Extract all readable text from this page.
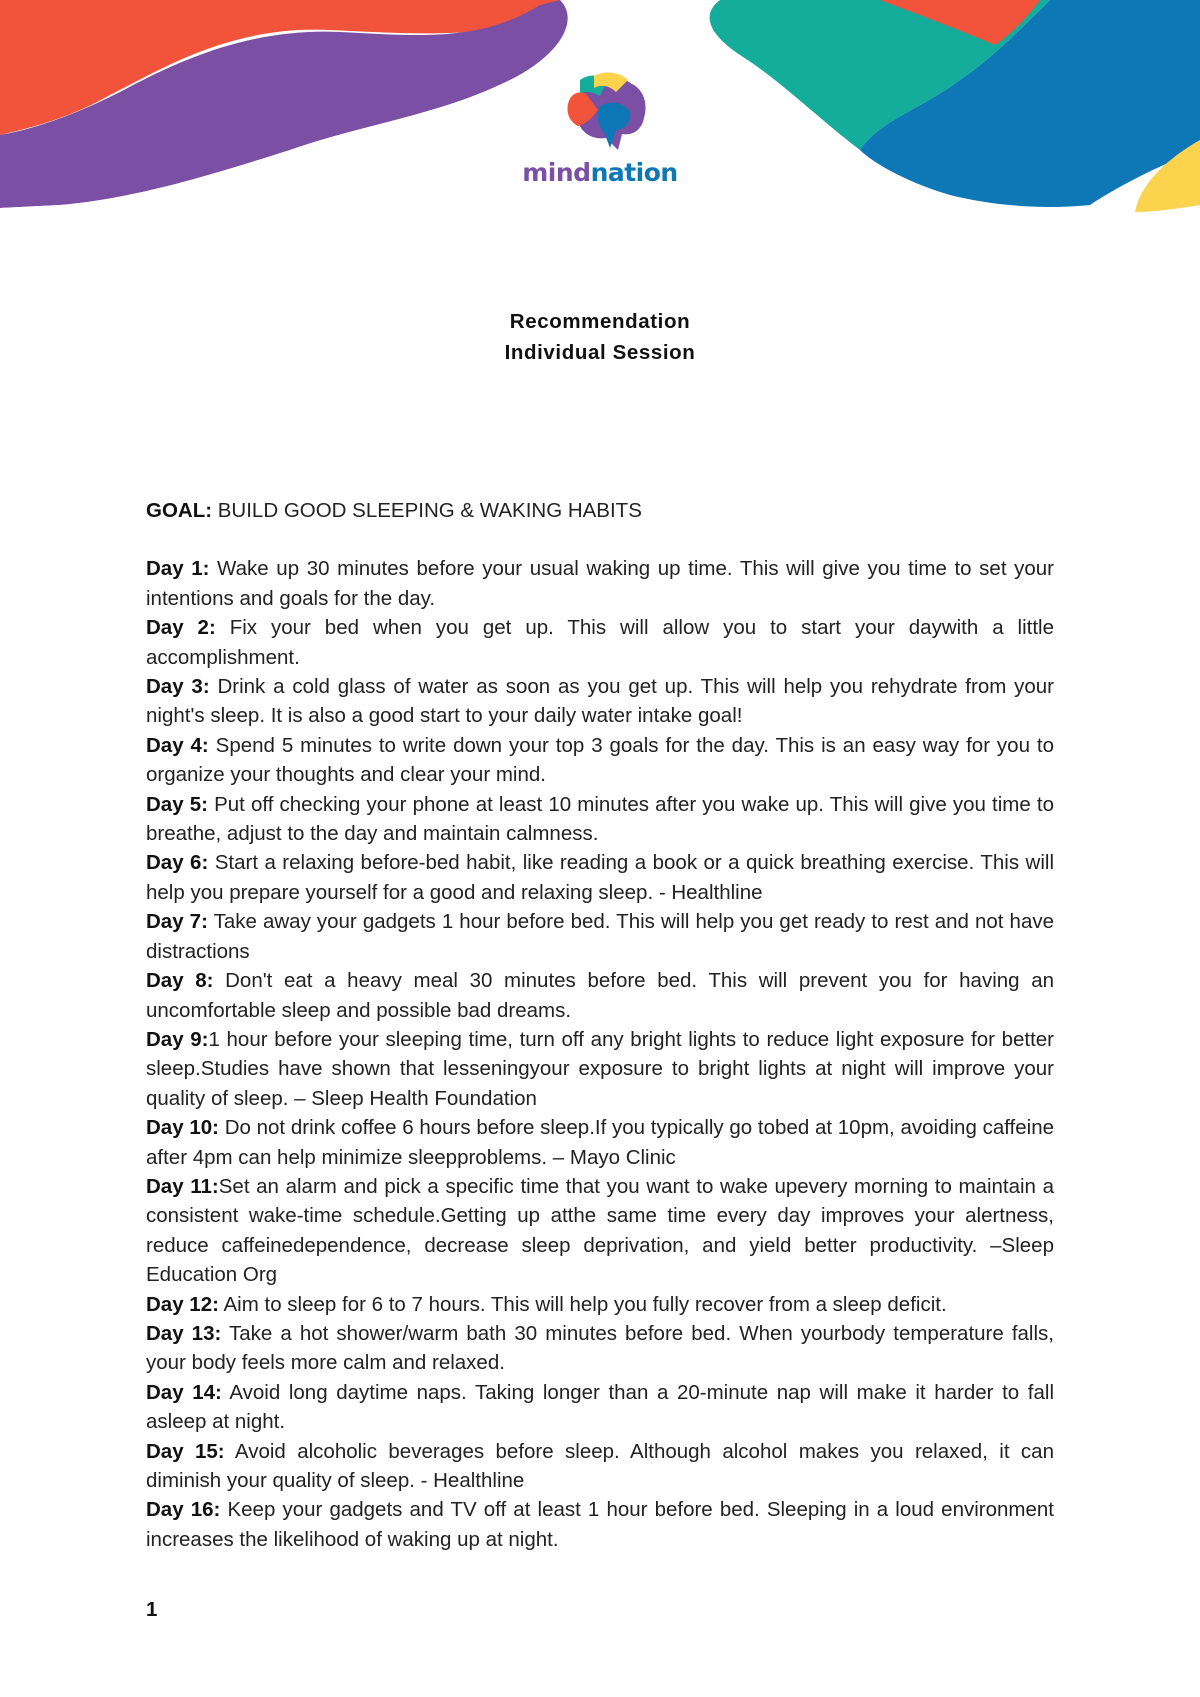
mindnation
Recommendation
Individual Session

GOAL: BUILD GOOD SLEEPING & WAKING HABITS

Day 1: Wake up 30 minutes before your usual waking up time. This will give you time to set your intentions and goals for the day.

Day 2: Fix your bed when you get up. This will allow you to start your daywith a little accomplishment.

Day 3: Drink a cold glass of water as soon as you get up. This will help you rehydrate from your night's sleep. It is also a good start to your daily water intake goal!

Day 4: Spend 5 minutes to write down your top 3 goals for the day. This is an easy way for you to organize your thoughts and clear your mind.

Day 5: Put off checking your phone at least 10 minutes after you wake up. This will give you time to breathe, adjust to the day and maintain calmness.

Day 6: Start a relaxing before-bed habit, like reading a book or a quick breathing exercise. This will help you prepare yourself for a good and relaxing sleep. - Healthline

Day 7: Take away your gadgets 1 hour before bed. This will help you get ready to rest and not have distractions

Day 8: Don't eat a heavy meal 30 minutes before bed. This will prevent you for having an uncomfortable sleep and possible bad dreams.

Day 9:1 hour before your sleeping time, turn off any bright lights to reduce light exposure for better sleep.Studies have shown that lesseningyour exposure to bright lights at night will improve your quality of sleep. – Sleep Health Foundation

Day 10: Do not drink coffee 6 hours before sleep.If you typically go tobed at 10pm, avoiding caffeine after 4pm can help minimize sleepproblems. – Mayo Clinic

Day 11:Set an alarm and pick a specific time that you want to wake upevery morning to maintain a consistent wake-time schedule.Getting up atthe same time every day improves your alertness, reduce caffeinedependence, decrease sleep deprivation, and yield better productivity. –Sleep Education Org

Day 12: Aim to sleep for 6 to 7 hours. This will help you fully recover from a sleep deficit.

Day 13: Take a hot shower/warm bath 30 minutes before bed. When yourbody temperature falls, your body feels more calm and relaxed.

Day 14: Avoid long daytime naps. Taking longer than a 20-minute nap will make it harder to fall asleep at night.

Day 15: Avoid alcoholic beverages before sleep. Although alcohol makes you relaxed, it can diminish your quality of sleep. - Healthline

Day 16: Keep your gadgets and TV off at least 1 hour before bed. Sleeping in a loud environment increases the likelihood of waking up at night.

1
